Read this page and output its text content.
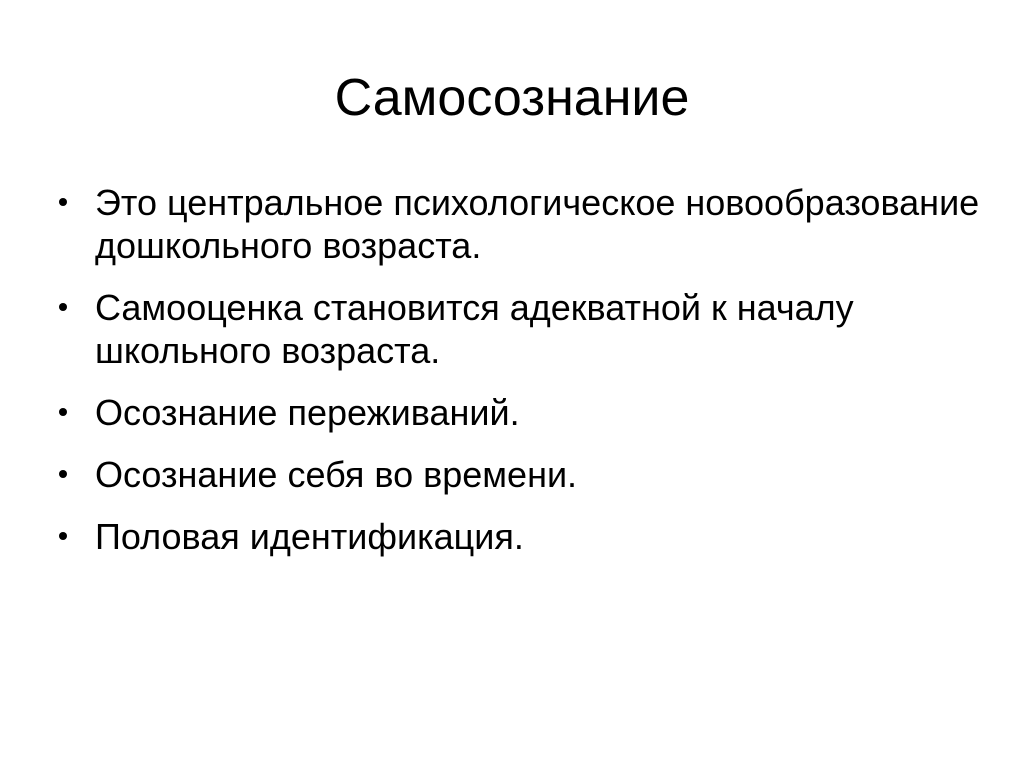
Самосознание
Это центральное психологическое новообразование дошкольного возраста.
Самооценка становится адекватной к началу школьного возраста.
Осознание переживаний.
Осознание себя во времени.
Половая идентификация.
